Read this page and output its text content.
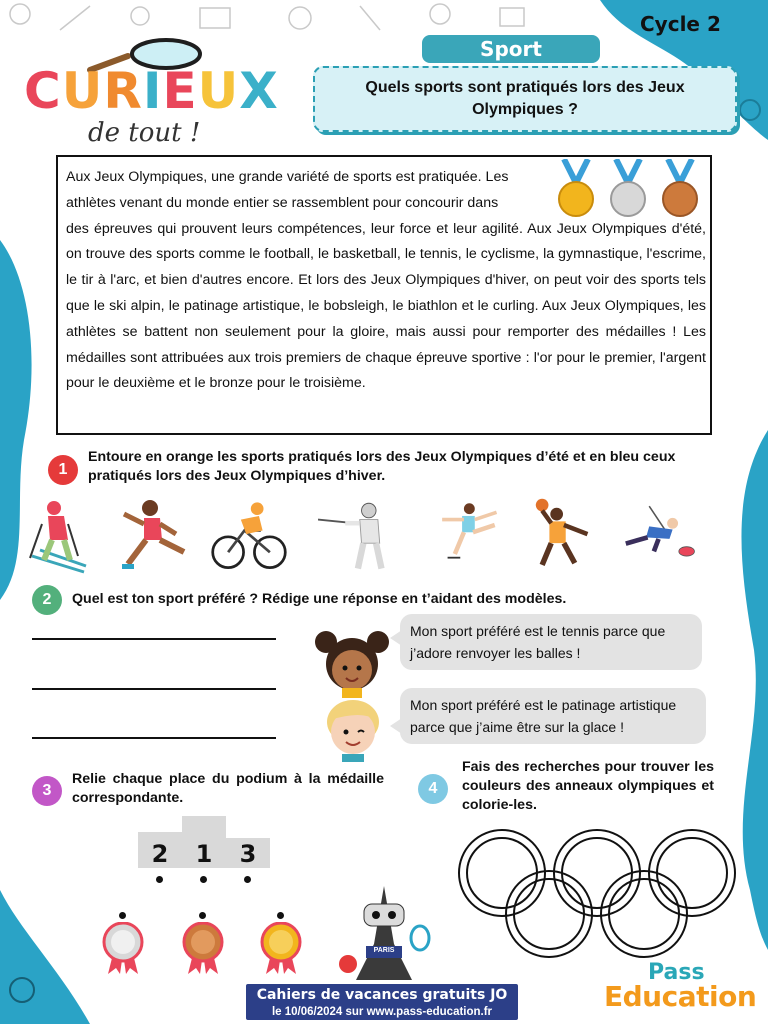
CURIEUX
de tout !
Sport
Cycle 2
Quels sports sont pratiqués lors des Jeux Olympiques ?

Aux Jeux Olympiques, une grande variété de sports est pratiquée. Les
athlètes venant du monde entier se rassemblent pour concourir dans
des épreuves qui prouvent leurs compétences, leur force et leur agilité. Aux Jeux Olympiques d'été, on trouve des sports comme le football, le basketball, le tennis, le cyclisme, la gymnastique, l'escrime, le tir à l'arc, et bien d'autres encore. Et lors des Jeux Olympiques d'hiver, on peut voir des sports tels que le ski alpin, le patinage artistique, le bobsleigh, le biathlon et le curling. Aux Jeux Olympiques, les athlètes se battent non seulement pour la gloire, mais aussi pour remporter des médailles ! Les médailles sont attribuées aux trois premiers de chaque épreuve sportive : l'or pour le premier, l'argent pour le deuxième et le bronze pour le troisième.

1
Entoure en orange les sports pratiqués lors des Jeux Olympiques d’été et en bleu ceux pratiqués lors des Jeux Olympiques d’hiver.
2	Quel est ton sport préféré ? Rédige une réponse en t’aidant des modèles.
Mon sport préféré est le tennis parce que j’adore renvoyer les balles !
Mon sport préféré est le patinage artistique parce que j’aime être sur la glace !
3
Relie chaque place du podium à la médaille correspondante.
2	1	3
4
Fais des recherches pour trouver les couleurs des anneaux olympiques et colorie-les.
PARIS
Cahiers de vacances gratuits JO
le 10/06/2024 sur www.pass-education.fr
Pass
Education
